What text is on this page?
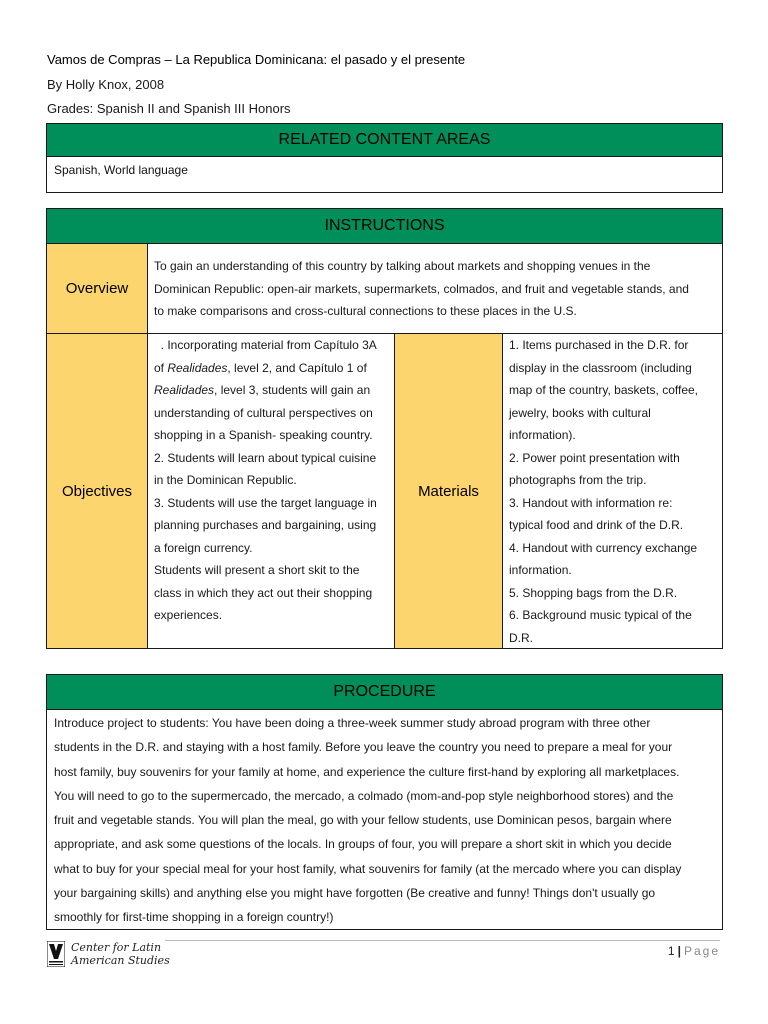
Vamos de Compras – La Republica Dominicana: el pasado y el presente
By Holly Knox, 2008
Grades: Spanish II and Spanish III Honors
RELATED CONTENT AREAS
Spanish, World language
INSTRUCTIONS
Overview
To gain an understanding of this country by talking about markets and shopping venues in the
Dominican Republic: open-air markets, supermarkets, colmados, and fruit and vegetable stands, and
to make comparisons and cross-cultural connections to these places in the U.S.
Objectives
. Incorporating material from Capítulo 3A
of Realidades, level 2, and Capítulo 1 of
Realidades, level 3, students will gain an
understanding of cultural perspectives on
shopping in a Spanish- speaking country.
2. Students will learn about typical cuisine
in the Dominican Republic.
3. Students will use the target language in
planning purchases and bargaining, using
a foreign currency.
Students will present a short skit to the
class in which they act out their shopping
experiences.
Materials
1. Items purchased in the D.R. for
display in the classroom (including
map of the country, baskets, coffee,
jewelry, books with cultural
information).
2. Power point presentation with
photographs from the trip.
3. Handout with information re:
typical food and drink of the D.R.
4. Handout with currency exchange
information.
5. Shopping bags from the D.R.
6. Background music typical of the
D.R.
PROCEDURE
Introduce project to students: You have been doing a three-week summer study abroad program with three other
students in the D.R. and staying with a host family. Before you leave the country you need to prepare a meal for your
host family, buy souvenirs for your family at home, and experience the culture first-hand by exploring all marketplaces.
You will need to go to the supermercado, the mercado, a colmado (mom-and-pop style neighborhood stores) and the
fruit and vegetable stands. You will plan the meal, go with your fellow students, use Dominican pesos, bargain where
appropriate, and ask some questions of the locals. In groups of four, you will prepare a short skit in which you decide
what to buy for your special meal for your host family, what souvenirs for family (at the mercado where you can display
your bargaining skills) and anything else you might have forgotten (Be creative and funny! Things don't usually go
smoothly for first-time shopping in a foreign country!)
Center for Latin
American Studies
1 | Page
